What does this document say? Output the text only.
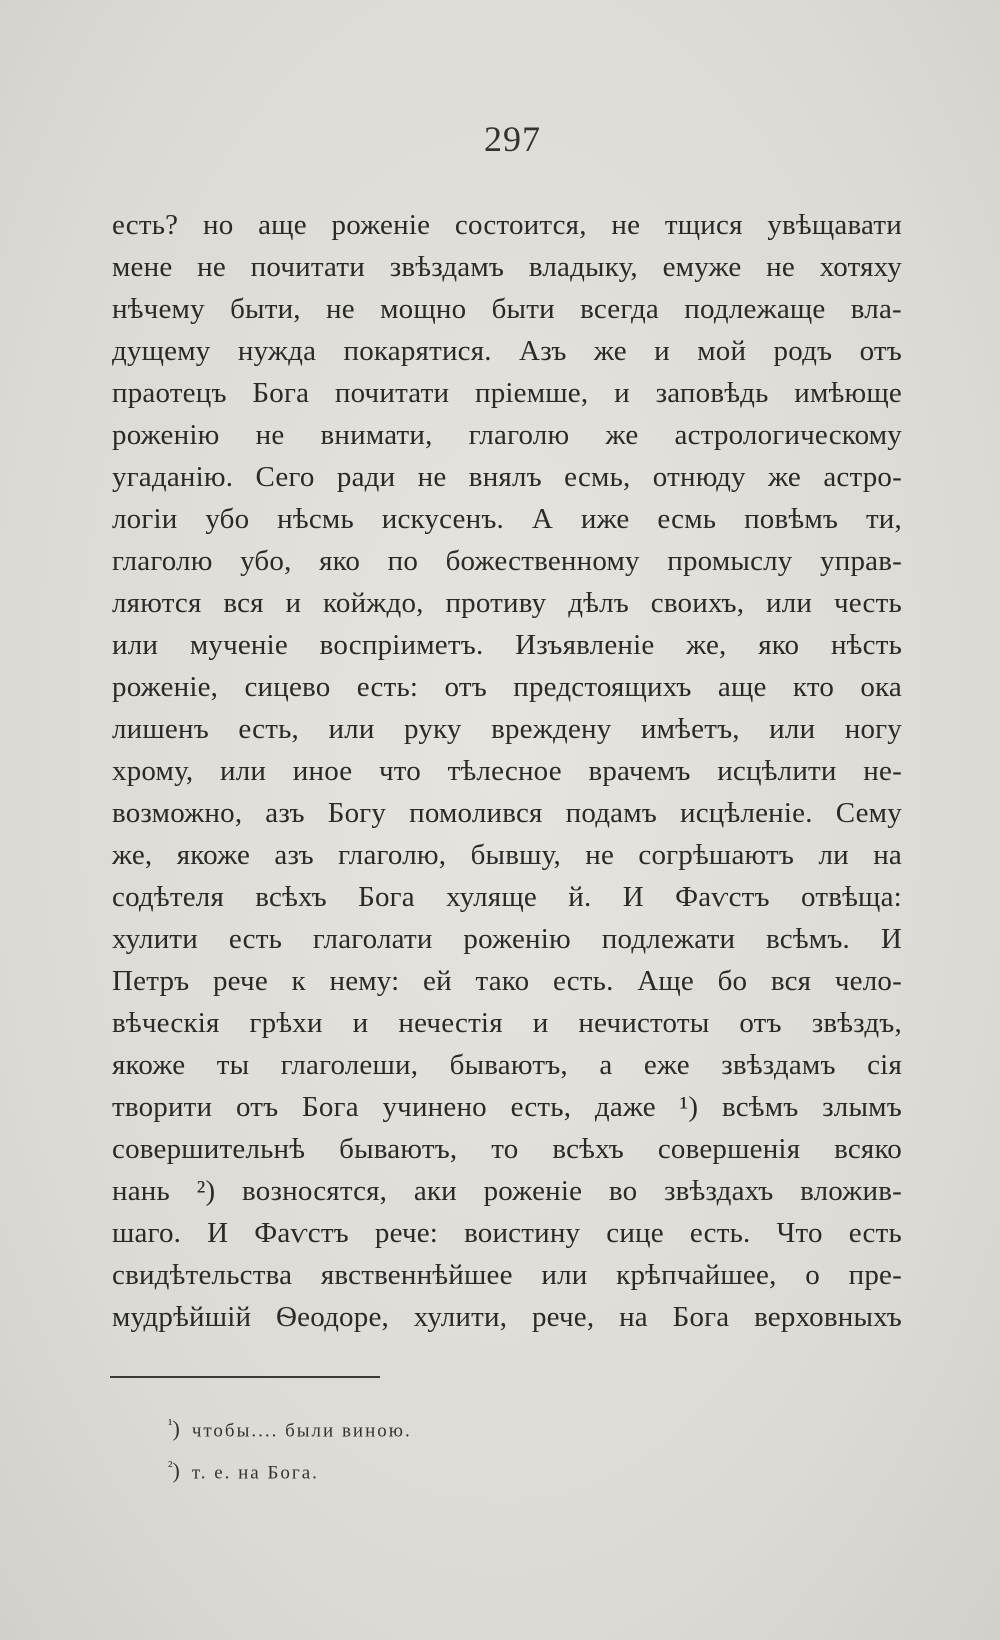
297
есть? но аще роженіе состоится, не тщися увѣщавати
мене не почитати звѣздамъ владыку, емуже не хотяху
нѣчему быти, не мощно быти всегда подлежаще вла-
дущему нужда покарятися. Азъ же и мой родъ отъ
праотецъ Бога почитати пріемше, и заповѣдь имѣюще
роженію не внимати, глаголю же астрологическому
угаданію. Сего ради не внялъ есмь, отнюду же астро-
логіи убо нѣсмь искусенъ. А иже есмь повѣмъ ти,
глаголю убо, яко по божественному промыслу управ-
ляются вся и койждо, противу дѣлъ своихъ, или честь
или мученіе воспріиметъ. Изъявленіе же, яко нѣсть
роженіе, сицево есть: отъ предстоящихъ аще кто ока
лишенъ есть, или руку вреждену имѣетъ, или ногу
хрому, или иное что тѣлесное врачемъ исцѣлити не-
возможно, азъ Богу помолився подамъ исцѣленіе. Сему
же, якоже азъ глаголю, бывшу, не согрѣшаютъ ли на
содѣтеля всѣхъ Бога хуляще й. И Фаѵстъ отвѣща:
хулити есть глаголати роженію подлежати всѣмъ. И
Петръ рече к нему: ей тако есть. Аще бо вся чело-
вѣческія грѣхи и нечестія и нечистоты отъ звѣздъ,
якоже ты глаголеши, бываютъ, а еже звѣздамъ сія
творити отъ Бога учинено есть, даже ¹) всѣмъ злымъ
совершительнѣ бываютъ, то всѣхъ совершенія всяко
нань ²) возносятся, аки роженіе во звѣздахъ вложив-
шаго. И Фаѵстъ рече: воистину сице есть. Что есть
свидѣтельства явственнѣйшее или крѣпчайшее, о пре-
мудрѣйшій Ѳеодоре, хулити, рече, на Бога верховныхъ
$^{^1}$) чтобы.... были виною.
$^{^2}$) т. е. на Бога.
